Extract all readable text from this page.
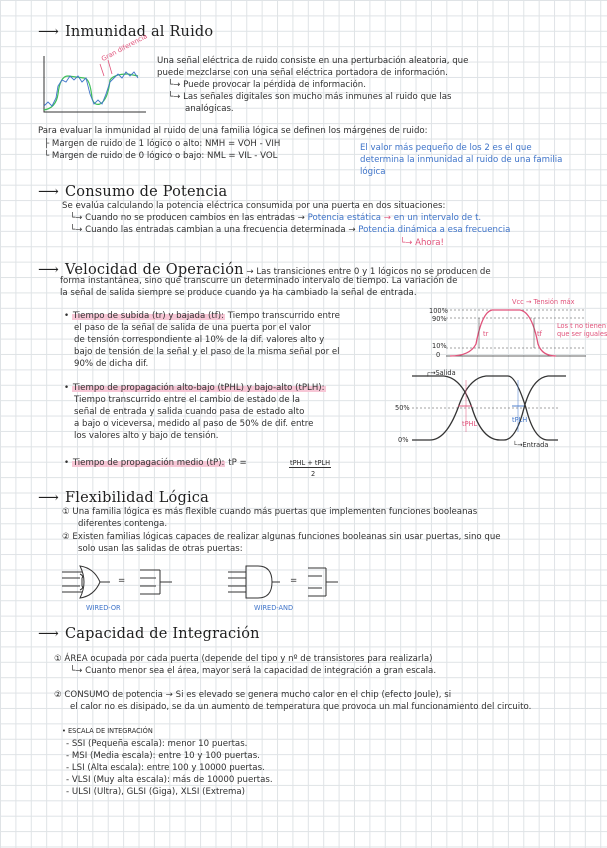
⟶ Inmunidad al Ruido
Gran diferencia Una señal eléctrica de ruido consiste en una perturbación aleatoria, que
puede mezclarse con una señal eléctrica portadora de información.
└→ Puede provocar la pérdida de información.
└→ Las señales digitales son mucho más inmunes al ruido que las
analógicas.
Para evaluar la inmunidad al ruido de una familia lógica se definen los márgenes de ruido:
├ Margen de ruido de 1 lógico o alto: NMH = VOH - VIH
└ Margen de ruido de 0 lógico o bajo: NML = VIL - VOL
El valor más pequeño de los 2 es el que
determina la inmunidad al ruido de una familia
lógica
⟶ Consumo de Potencia
Se evalúa calculando la potencia eléctrica consumida por una puerta en dos situaciones:
└→ Cuando no se producen cambios en las entradas → Potencia estática → en un intervalo de t.
└→ Cuando las entradas cambian a una frecuencia determinada → Potencia dinámica a esa frecuencia
└→ Ahora!
⟶ Velocidad de Operación → Las transiciones entre 0 y 1 lógicos no se producen de
forma instantánea, sino que transcurre un determinado intervalo de tiempo. La variación de
la señal de salida siempre se produce cuando ya ha cambiado la señal de entrada.
• Tiempo de subida (tr) y bajada (tf): Tiempo transcurrido entre
el paso de la señal de salida de una puerta por el valor
de tensión correspondiente al 10% de la dif. valores alto y
bajo de tensión de la señal y el paso de la misma señal por el
90% de dicha dif.
Vcc → Tensión máx
100%
90%
10%
0
tr	tf
Los t no tienen
que ser iguales
• Tiempo de propagación alto-bajo (tPHL) y bajo-alto (tPLH):
Tiempo transcurrido entre el cambio de estado de la
señal de entrada y salida cuando pasa de estado alto
a bajo o viceversa, medido al paso de 50% de dif. entre
los valores alto y bajo de tensión.
┌→Salida
└→Entrada
50%
0%
tPHL	tPLH
• Tiempo de propagación medio (tP): tP =	tPHL + tPLH
2
⟶ Flexibilidad Lógica
① Una familia lógica es más flexible cuando más puertas que implementen funciones booleanas
diferentes contenga.
② Existen familias lógicas capaces de realizar algunas funciones booleanas sin usar puertas, sino que
solo usan las salidas de otras puertas:
=
WIRED-OR
=
WIRED-AND
⟶ Capacidad de Integración
① ÁREA ocupada por cada puerta (depende del tipo y nº de transistores para realizarla)
└→ Cuanto menor sea el área, mayor será la capacidad de integración a gran escala.
② CONSUMO de potencia → Si es elevado se genera mucho calor en el chip (efecto Joule), si
el calor no es disipado, se da un aumento de temperatura que provoca un mal funcionamiento del circuito.
• ESCALA DE INTEGRACIÓN
- SSI (Pequeña escala): menor 10 puertas.
- MSI (Media escala): entre 10 y 100 puertas.
- LSI (Alta escala): entre 100 y 10000 puertas.
- VLSI (Muy alta escala): más de 10000 puertas.
- ULSI (Ultra), GLSI (Giga), XLSI (Extrema)
